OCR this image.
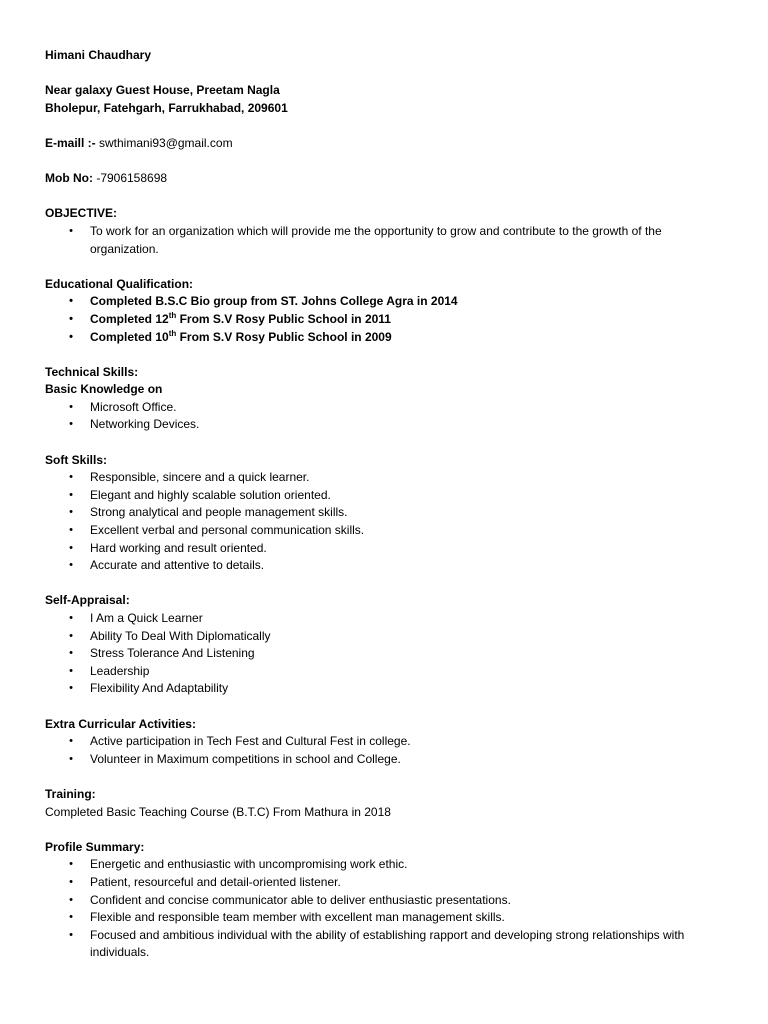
Himani Chaudhary

Near galaxy Guest House, Preetam Nagla

Bholepur, Fatehgarh, Farrukhabad, 209601

E-maill :- swthimani93@gmail.com

Mob No: -7906158698

OBJECTIVE:

•	To work for an organization which will provide me the opportunity to grow and contribute to the growth of the organization.

Educational Qualification:

•	Completed B.S.C Bio group from ST. Johns College Agra in 2014
•	Completed 12th From S.V Rosy Public School in 2011
•	Completed 10th From S.V Rosy Public School in 2009

Technical Skills:

Basic Knowledge on

•	Microsoft Office.
•	Networking Devices.

Soft Skills:

•	Responsible, sincere and a quick learner.
•	Elegant and highly scalable solution oriented.
•	Strong analytical and people management skills.
•	Excellent verbal and personal communication skills.
•	Hard working and result oriented.
•	Accurate and attentive to details.

Self-Appraisal:

•	I Am a Quick Learner
•	Ability To Deal With Diplomatically
•	Stress Tolerance And Listening
•	Leadership
•	Flexibility And Adaptability

Extra Curricular Activities:

•	Active participation in Tech Fest and Cultural Fest in college.
•	Volunteer in Maximum competitions in school and College.

Training:

Completed Basic Teaching Course (B.T.C) From Mathura in 2018

Profile Summary:

•	Energetic and enthusiastic with uncompromising work ethic.
•	Patient, resourceful and detail-oriented listener.
•	Confident and concise communicator able to deliver enthusiastic presentations.
•	Flexible and responsible team member with excellent man management skills.
•	Focused and ambitious individual with the ability of establishing rapport and developing strong relationships with individuals.
